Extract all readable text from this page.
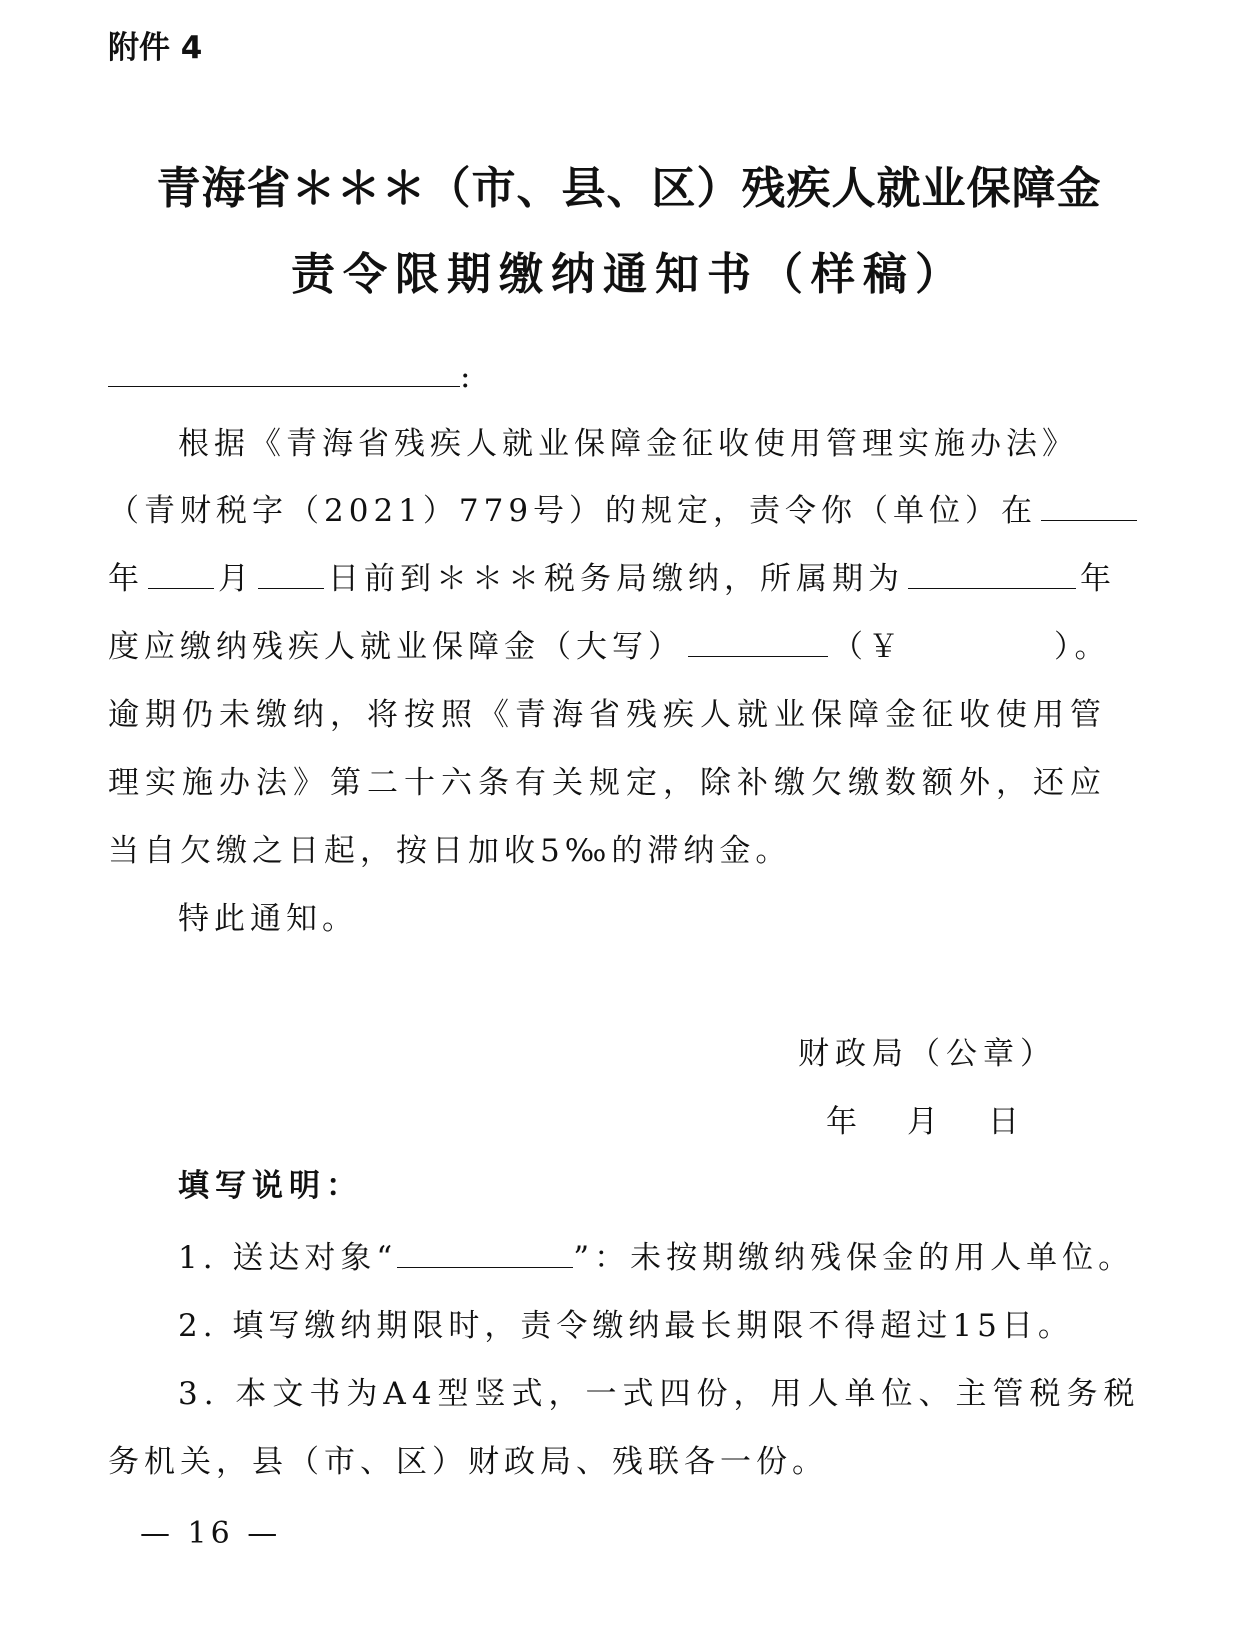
附件 4
青海省＊＊＊（市、县、区）残疾人就业保障金
责令限期缴纳通知书（样稿）
:
根据《青海省残疾人就业保障金征收使用管理实施办法》
（青财税字（2021）779号）的规定，责令你（单位）在
年 月 日前到＊＊＊税务局缴纳，所属期为	年
度应缴纳残疾人就业保障金（大写）	（￥	）。
逾期仍未缴纳，将按照《青海省残疾人就业保障金征收使用管
理实施办法》第二十六条有关规定，除补缴欠缴数额外，还应
当自欠缴之日起，按日加收5‰的滞纳金。
特此通知。
财政局（公章）
年 月 日
填写说明：
1. 送达对象“	”：未按期缴纳残保金的用人单位。
2. 填写缴纳期限时，责令缴纳最长期限不得超过15日。
3. 本文书为A4型竖式，一式四份，用人单位、主管税务税
务机关，县（市、区）财政局、残联各一份。
— 16 —
